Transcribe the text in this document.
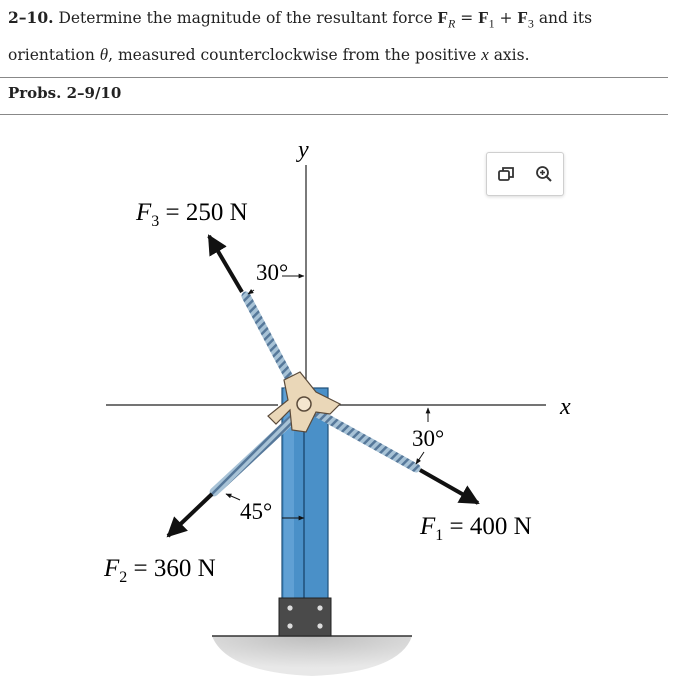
2–10. Determine the magnitude of the resultant force $F_R = F_1 + F_3$ and its
orientation θ, measured counterclockwise from the positive x axis.
Probs. 2–9/10
y
x
$F_3 = 250$ N
30°
$F_2 = 360$ N
45°
$F_1 = 400$ N
30°
